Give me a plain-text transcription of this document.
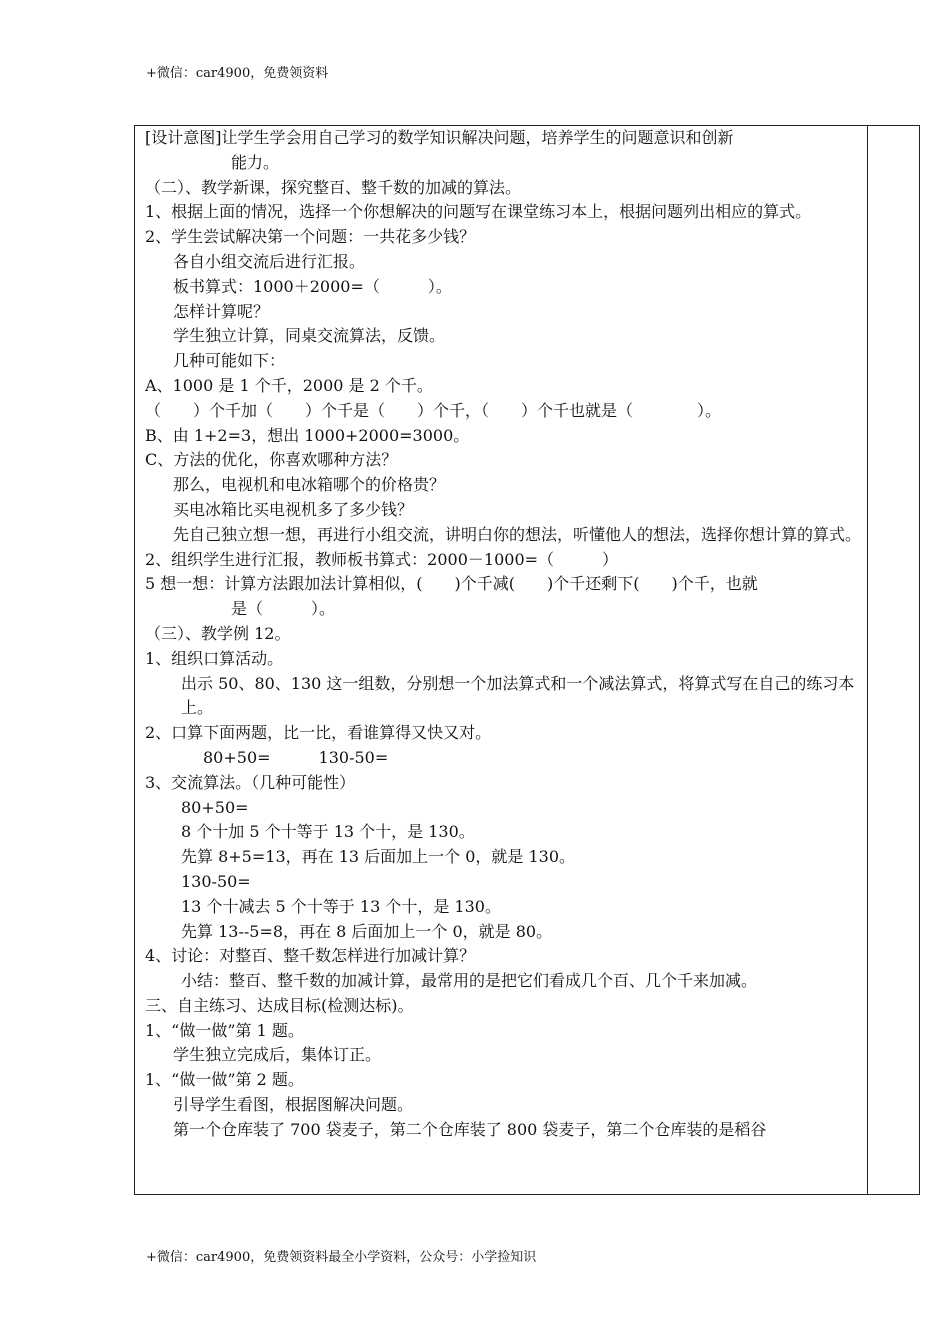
+微信：car4900，免费领资料
[设计意图]让学生学会用自己学习的数学知识解决问题，培养学生的问题意识和创新
能力。
（二）、教学新课，探究整百、整千数的加减的算法。
1、根据上面的情况，选择一个你想解决的问题写在课堂练习本上，根据问题列出相应的算式。
2、学生尝试解决第一个问题：一共花多少钱？
各自小组交流后进行汇报。
板书算式：1000＋2000=（　　　）。
怎样计算呢？
学生独立计算，同桌交流算法，反馈。
几种可能如下：
A、1000 是 1 个千，2000 是 2 个千。
（　　）个千加（　　）个千是（　　）个千，（　　）个千也就是（　　　　）。
B、由 1+2=3，想出 1000+2000=3000。
C、方法的优化，你喜欢哪种方法？
那么，电视机和电冰箱哪个的价格贵？
买电冰箱比买电视机多了多少钱？
先自己独立想一想，再进行小组交流，讲明白你的想法，听懂他人的想法，选择你想计算的算式。
2、组织学生进行汇报，教师板书算式：2000－1000=（　　　）
5 想一想：计算方法跟加法计算相似，(　　)个千减(　　)个千还剩下(　　)个千，也就
是（　　　）。
（三）、教学例 12。
1、组织口算活动。
出示 50、80、130 这一组数，分别想一个加法算式和一个减法算式，将算式写在自己的练习本上。
2、口算下面两题，比一比，看谁算得又快又对。
80+50=　　　130-50=
3、交流算法。（几种可能性）
80+50=
8 个十加 5 个十等于 13 个十，是 130。
先算 8+5=13，再在 13 后面加上一个 0，就是 130。
130-50=
13 个十减去 5 个十等于 13 个十，是 130。
先算 13--5=8，再在 8 后面加上一个 0，就是 80。
4、讨论：对整百、整千数怎样进行加减计算？
小结：整百、整千数的加减计算，最常用的是把它们看成几个百、几个千来加减。
三、自主练习、达成目标(检测达标)。
1、“做一做”第 1 题。
学生独立完成后，集体订正。
1、“做一做”第 2 题。
引导学生看图，根据图解决问题。
第一个仓库装了 700 袋麦子，第二个仓库装了 800 袋麦子，第二个仓库装的是稻谷
+微信：car4900，免费领资料最全小学资料，公众号：小学捡知识
